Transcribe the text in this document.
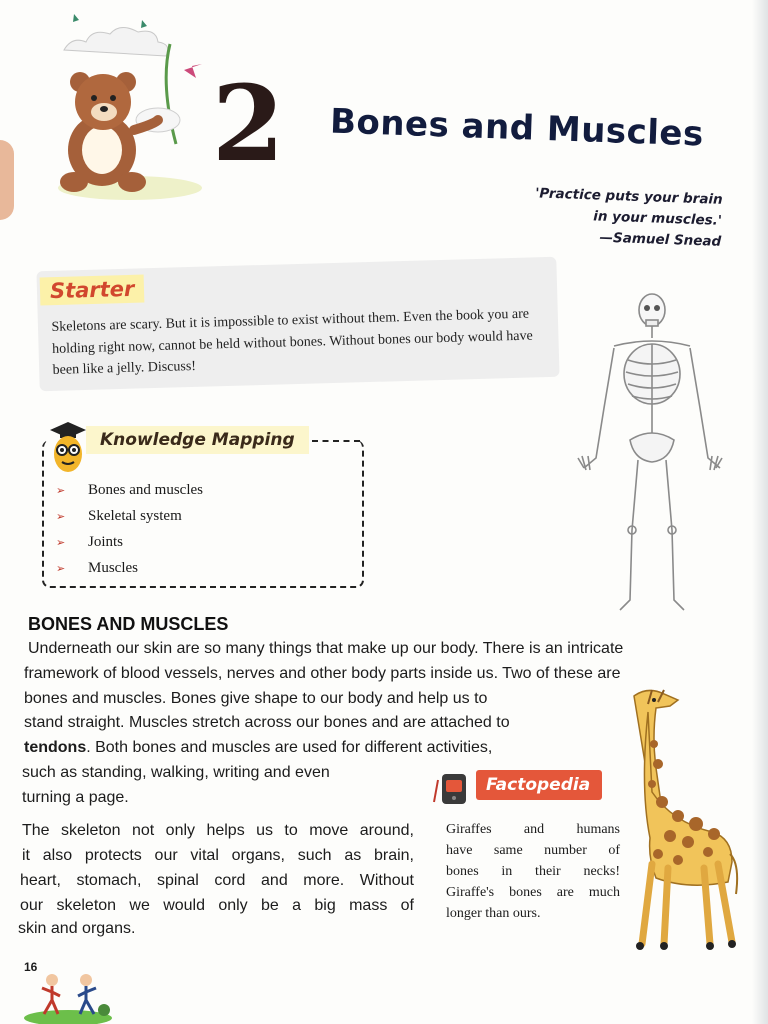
2 Bones and Muscles
'Practice puts your brain
in your muscles.'
—Samuel Snead
Starter
Skeletons are scary. But it is impossible to exist without them. Even the book you are holding right now, cannot be held without bones. Without bones our body would have been like a jelly. Discuss!
Knowledge Mapping
➢	Bones and muscles
➢	Skeletal system
➢	Joints
➢	Muscles
BONES AND MUSCLES
Underneath our skin are so many things that make up our body. There is an intricate
framework of blood vessels, nerves and other body parts inside us. Two of these are
bones and muscles. Bones give shape to our body and help us to
stand straight. Muscles stretch across our bones and are attached to
tendons. Both bones and muscles are used for different activities,
such as standing, walking, writing and even
turning a page.
The skeleton not only helps us to move around,
it also protects our vital organs, such as brain,
heart, stomach, spinal cord and more. Without
our skeleton we would only be a big mass of
skin and organs.
Factopedia
Giraffes and humans
have same number of
bones in their necks!
Giraffe's bones are much
longer than ours.
16
